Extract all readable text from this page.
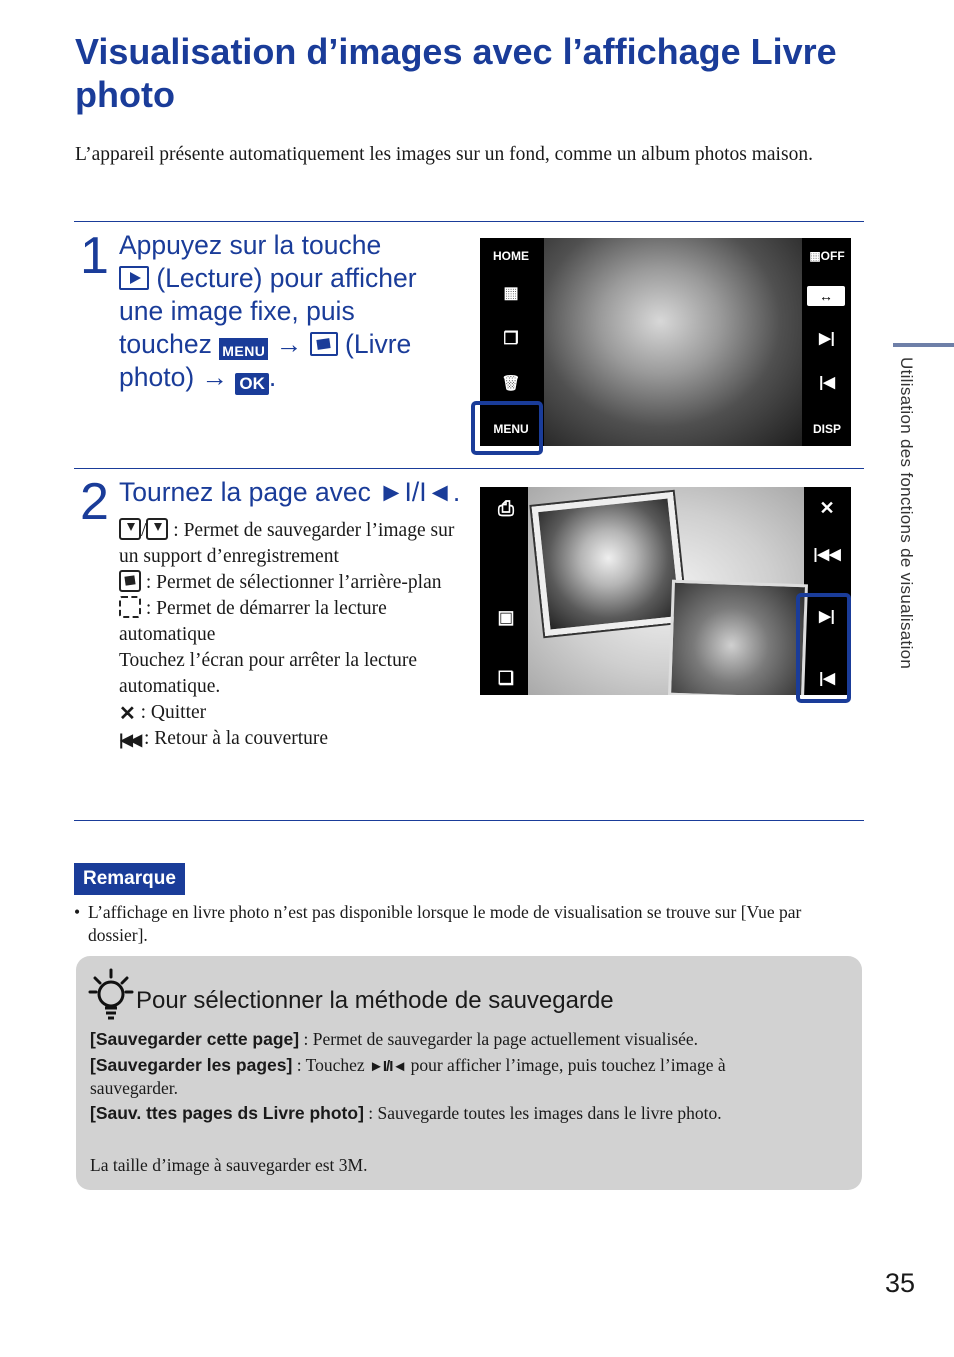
Visualisation d’images avec l’affichage Livre photo
L’appareil présente automatiquement les images sur un fond, comme un album photos maison.
1 Appuyez sur la touche
(Lecture) pour afficher
une image fixe, puis
touchez MENU →  (Livre
photo) → OK .
HOME
▦
❐
🗑
MENU
▦OFF
↔
▶|
|◀
DISP
2 Tournez la page avec ►I/I◄.
/ : Permet de sauvegarder l’image sur un support d’enregistrement
: Permet de sélectionner l’arrière-plan
: Permet de démarrer la lecture automatique
Touchez l’écran pour arrêter la lecture automatique.
✕ : Quitter
|◀◀ : Retour à la couverture
⎙
▣
❏
✕
|◀◀
▶|
|◀
Utilisation des fonctions de visualisation
Remarque
• L’affichage en livre photo n’est pas disponible lorsque le mode de visualisation se trouve sur [Vue par dossier].
Pour sélectionner la méthode de sauvegarde
[Sauvegarder cette page] : Permet de sauvegarder la page actuellement visualisée.
[Sauvegarder les pages] : Touchez ►I/I◄ pour afficher l’image, puis touchez l’image à
sauvegarder.
[Sauv. ttes pages ds Livre photo] : Sauvegarde toutes les images dans le livre photo.
La taille d’image à sauvegarder est 3M.
35
